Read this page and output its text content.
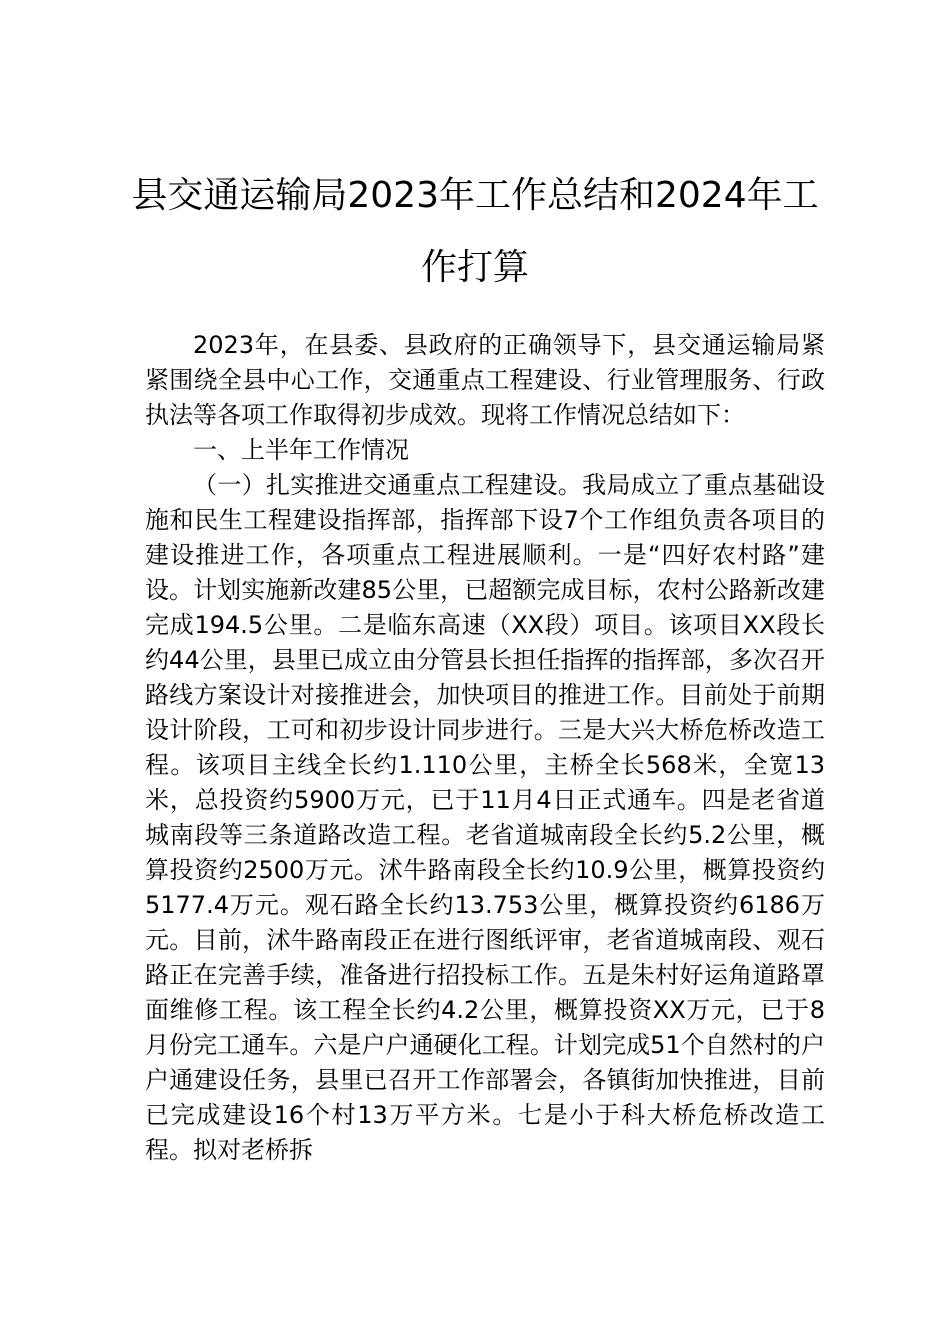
县交通运输局2023年工作总结和2024年工
作打算

2023年，在县委、县政府的正确领导下，县交通运输局紧紧围绕全县中心工作，交通重点工程建设、行业管理服务、行政执法等各项工作取得初步成效。现将工作情况总结如下：

一、上半年工作情况

（一）扎实推进交通重点工程建设。我局成立了重点基础设施和民生工程建设指挥部，指挥部下设7个工作组负责各项目的建设推进工作，各项重点工程进展顺利。一是“四好农村路”建设。计划实施新改建85公里，已超额完成目标，农村公路新改建完成194.5公里。二是临东高速（XX段）项目。该项目XX段长约44公里，县里已成立由分管县长担任指挥的指挥部，多次召开路线方案设计对接推进会，加快项目的推进工作。目前处于前期设计阶段，工可和初步设计同步进行。三是大兴大桥危桥改造工程。该项目主线全长约1.110公里，主桥全长568米，全宽13米，总投资约5900万元，已于11月4日正式通车。四是老省道城南段等三条道路改造工程。老省道城南段全长约5.2公里，概算投资约2500万元。沭牛路南段全长约10.9公里，概算投资约5177.4万元。观石路全长约13.753公里，概算投资约6186万元。目前，沭牛路南段正在进行图纸评审，老省道城南段、观石路正在完善手续，准备进行招投标工作。五是朱村好运角道路罩面维修工程。该工程全长约4.2公里，概算投资XX万元，已于8月份完工通车。六是户户通硬化工程。计划完成51个自然村的户户通建设任务，县里已召开工作部署会，各镇街加快推进，目前已完成建设16个村13万平方米。七是小于科大桥危桥改造工程。拟对老桥拆
